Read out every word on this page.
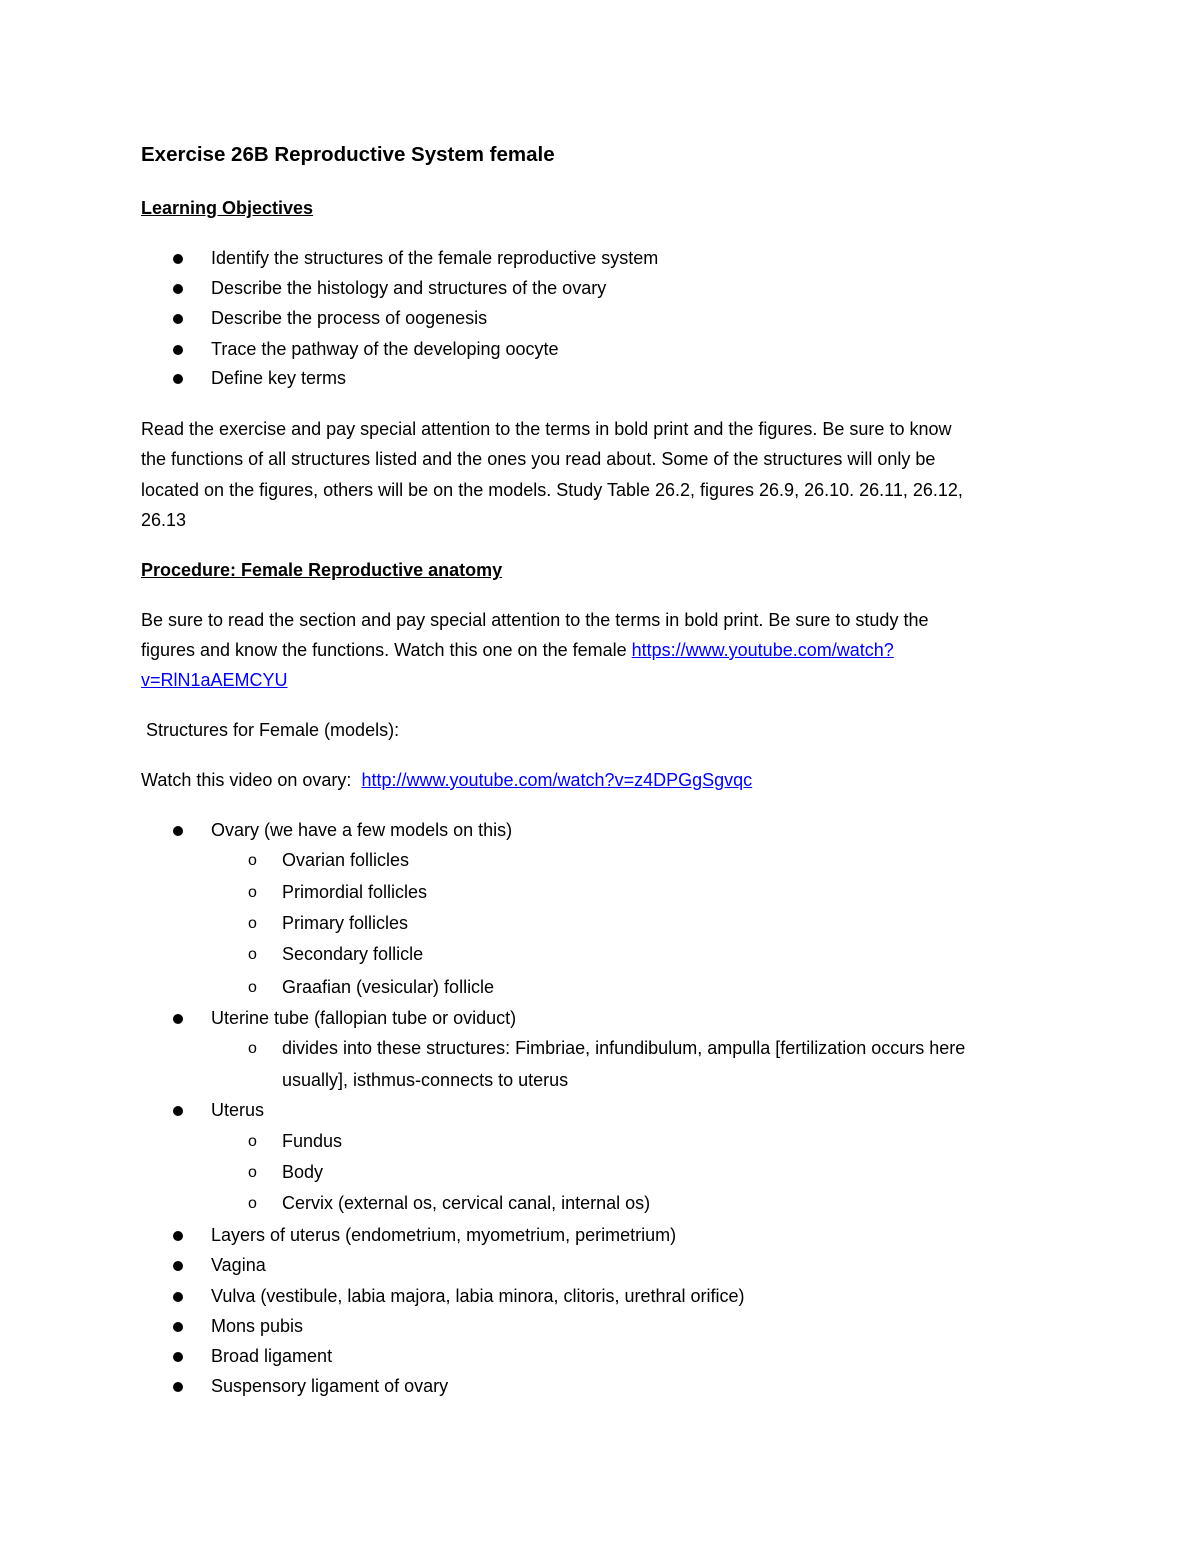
Exercise 26B Reproductive System female
Learning Objectives
Identify the structures of the female reproductive system
Describe the histology and structures of the ovary
Describe the process of oogenesis
Trace the pathway of the developing oocyte
Define key terms
Read the exercise and pay special attention to the terms in bold print and the figures. Be sure to know
the functions of all structures listed and the ones you read about. Some of the structures will only be
located on the figures, others will be on the models. Study Table 26.2, figures 26.9, 26.10. 26.11, 26.12,
26.13
Procedure: Female Reproductive anatomy
Be sure to read the section and pay special attention to the terms in bold print. Be sure to study the
figures and know the functions. Watch this one on the female https://www.youtube.com/watch?
v=RlN1aAEMCYU
Structures for Female (models):
Watch this video on ovary:  http://www.youtube.com/watch?v=z4DPGgSgvqc
Ovary (we have a few models on this)
o Ovarian follicles
o Primordial follicles
o Primary follicles
o Secondary follicle
o Graafian (vesicular) follicle
Uterine tube (fallopian tube or oviduct)
o divides into these structures: Fimbriae, infundibulum, ampulla [fertilization occurs here
usually], isthmus-connects to uterus
Uterus
o Fundus
o Body
o Cervix (external os, cervical canal, internal os)
Layers of uterus (endometrium, myometrium, perimetrium)
Vagina
Vulva (vestibule, labia majora, labia minora, clitoris, urethral orifice)
Mons pubis
Broad ligament
Suspensory ligament of ovary
